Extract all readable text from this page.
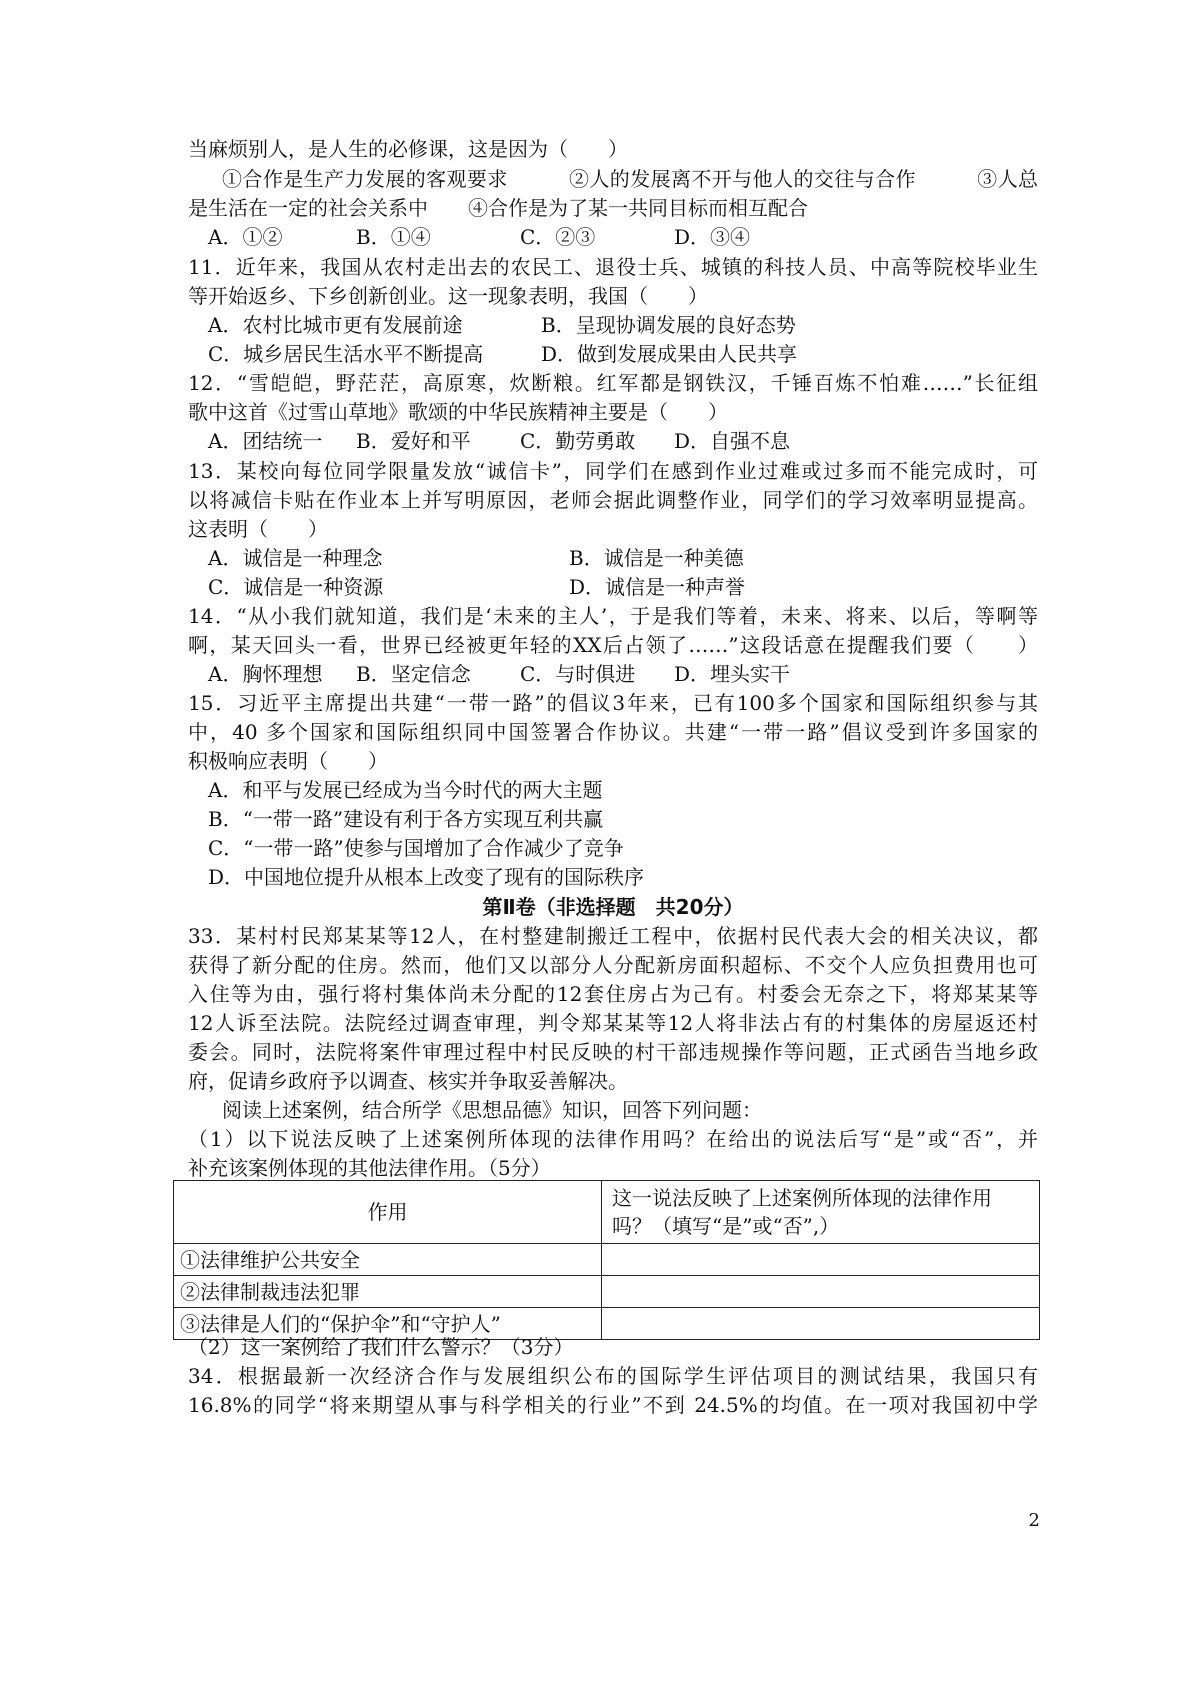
当麻烦别人，是人生的必修课，这是因为（　　）
①合作是生产力发展的客观要求　　　②人的发展离不开与他人的交往与合作　　　③人总
是生活在一定的社会关系中　　④合作是为了某一共同目标而相互配合
A．①②	B．①④	C．②③	D．③④
11．近年来，我国从农村走出去的农民工、退役士兵、城镇的科技人员、中高等院校毕业生
等开始返乡、下乡创新创业。这一现象表明，我国（　　）
A．农村比城市更有发展前途	B．呈现协调发展的良好态势
C．城乡居民生活水平不断提高	D．做到发展成果由人民共享
12．“雪皑皑，野茫茫，高原寒，炊断粮。红军都是钢铁汉，千锤百炼不怕难……”长征组
歌中这首《过雪山草地》歌颂的中华民族精神主要是（　　）
A．团结统一 B．爱好和平 C．勤劳勇敢 D．自强不息
13．某校向每位同学限量发放“诚信卡”，同学们在感到作业过难或过多而不能完成时，可
以将减信卡贴在作业本上并写明原因，老师会据此调整作业，同学们的学习效率明显提高。
这表明（　　）
A．诚信是一种理念	B．诚信是一种美德
C．诚信是一种资源	D．诚信是一种声誉
14．“从小我们就知道，我们是‘未来的主人’，于是我们等着，未来、将来、以后，等啊等
啊，某天回头一看，世界已经被更年轻的XX后占领了……”这段话意在提醒我们要（　　）
A．胸怀理想 B．坚定信念 C．与时俱进 D．埋头实干
15．习近平主席提出共建“一带一路”的倡议3年来，已有100多个国家和国际组织参与其
中，40 多个国家和国际组织同中国签署合作协议。共建“一带一路”倡议受到许多国家的
积极响应表明（　　）
A．和平与发展已经成为当今时代的两大主题
B．“一带一路”建设有利于各方实现互利共赢
C．“一带一路”使参与国增加了合作减少了竞争
D．中国地位提升从根本上改变了现有的国际秩序
第Ⅱ卷（非选择题　共20分）
33．某村村民郑某某等12人，在村整建制搬迁工程中，依据村民代表大会的相关决议，都
获得了新分配的住房。然而，他们又以部分人分配新房面积超标、不交个人应负担费用也可
入住等为由，强行将村集体尚未分配的12套住房占为己有。村委会无奈之下，将郑某某等
12人诉至法院。法院经过调查审理，判令郑某某等12人将非法占有的村集体的房屋返还村
委会。同时，法院将案件审理过程中村民反映的村干部违规操作等问题，正式函告当地乡政
府，促请乡政府予以调查、核实并争取妥善解决。
阅读上述案例，结合所学《思想品德》知识，回答下列问题：
（1）以下说法反映了上述案例所体现的法律作用吗？在给出的说法后写“是”或“否”，并
补充该案例体现的其他法律作用。（5分）
作用	这一说法反映了上述案例所体现的法律作用
吗？（填写“是”或“否”,）

①法律维护公共安全	
②法律制裁违法犯罪	
③法律是人们的“保护伞”和“守护人”	
（2）这一案例给了我们什么警示？（3分）
34．根据最新一次经济合作与发展组织公布的国际学生评估项目的测试结果，我国只有
16.8%的同学“将来期望从事与科学相关的行业”不到 24.5%的均值。在一项对我国初中学
2
